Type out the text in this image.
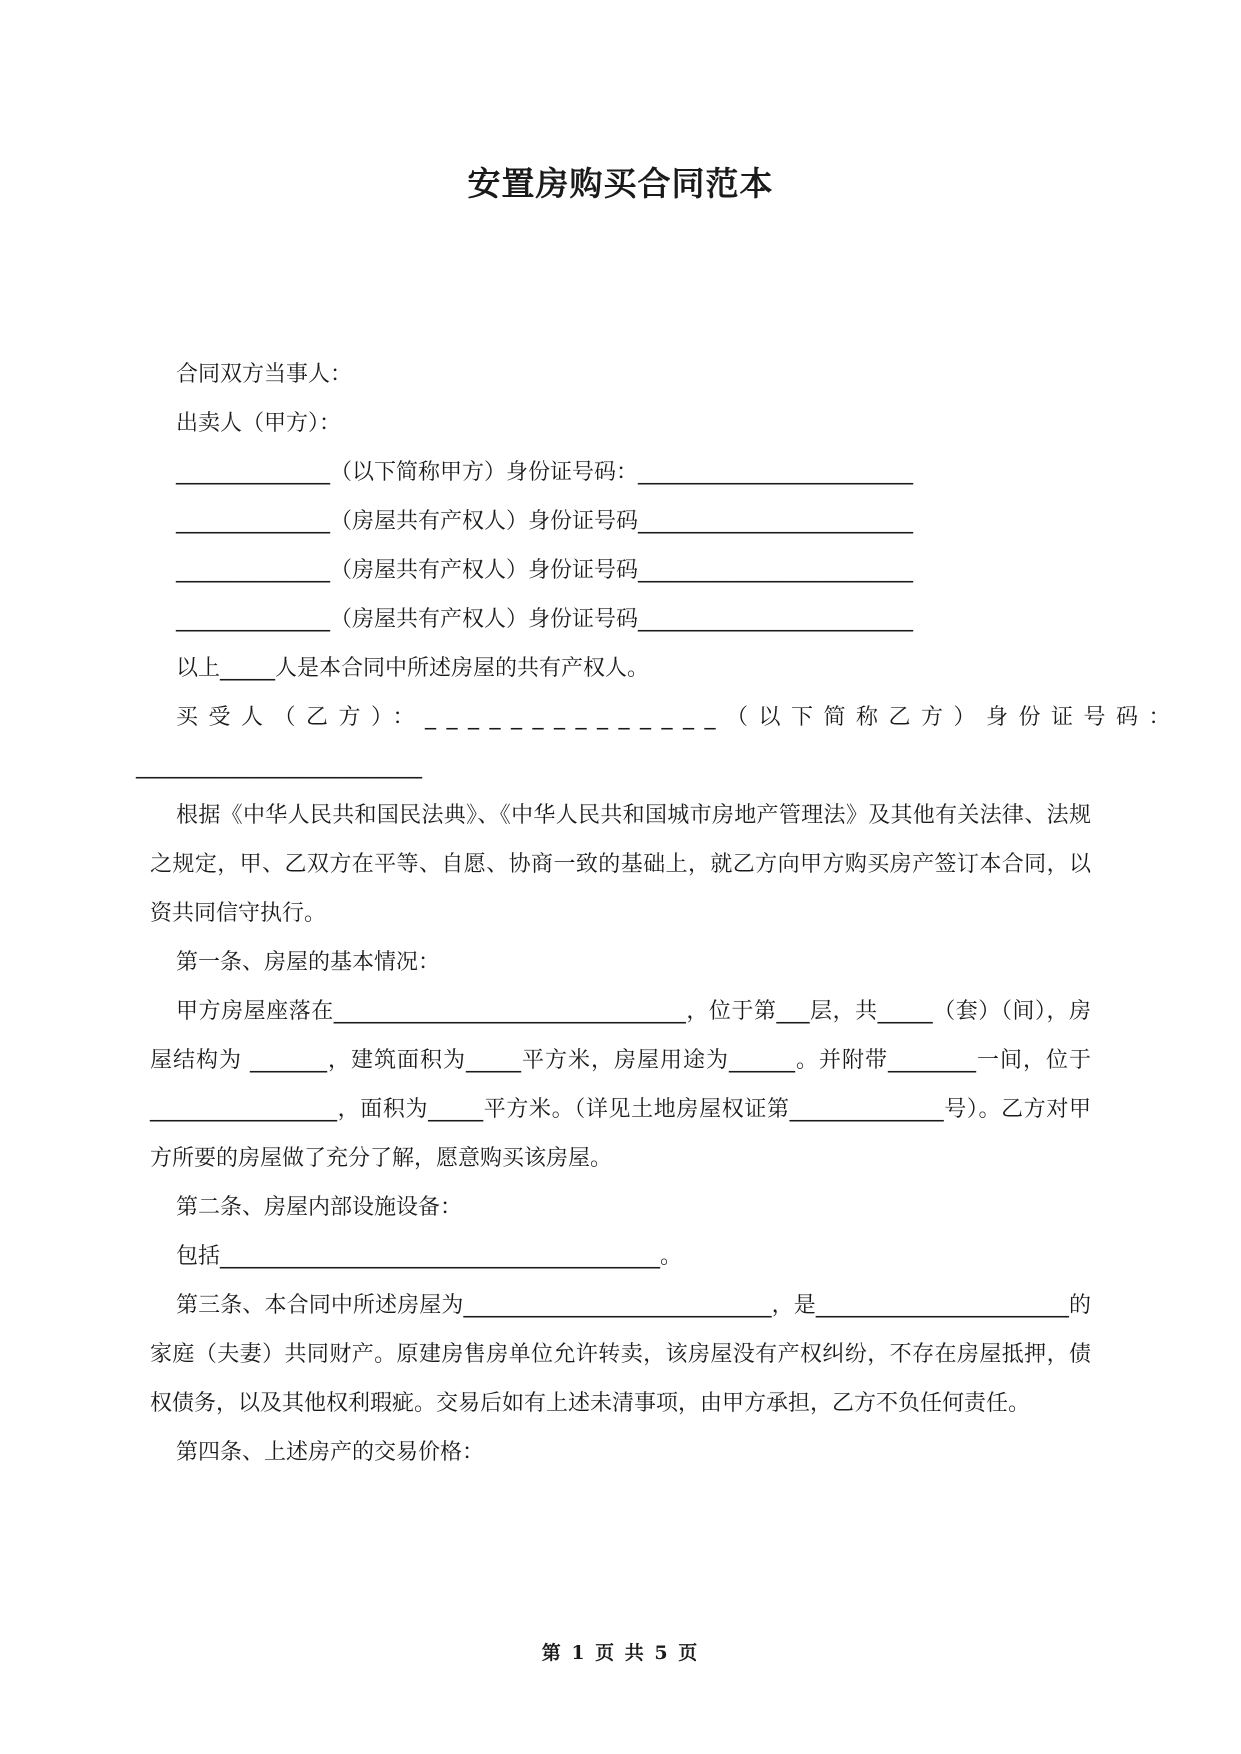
安置房购买合同范本

合同双方当事人：

出卖人（甲方）：

______________（以下简称甲方）身份证号码：_________________________

______________（房屋共有产权人）身份证号码_________________________

______________（房屋共有产权人）身份证号码_________________________

______________（房屋共有产权人）身份证号码_________________________

以上_____人是本合同中所述房屋的共有产权人。

买受人（乙方）：______________（以下简称乙方）身份证号码：

__________________________

根据《中华人民共和国民法典》、《中华人民共和国城市房地产管理法》及其他有关法律、法规之规定，甲、乙双方在平等、自愿、协商一致的基础上，就乙方向甲方购买房产签订本合同，以资共同信守执行。

第一条、房屋的基本情况：

甲方房屋座落在________________________________，位于第___层，共_____（套）（间），房屋结构为 _______，建筑面积为_____平方米，房屋用途为______。并附带________一间，位于 _________________，面积为_____平方米。（详见土地房屋权证第______________号）。乙方对甲方所要的房屋做了充分了解，愿意购买该房屋。

第二条、房屋内部设施设备：

包括________________________________________。

第三条、本合同中所述房屋为____________________________，是_______________________的家庭（夫妻）共同财产。原建房售房单位允许转卖，该房屋没有产权纠纷，不存在房屋抵押，债权债务，以及其他权利瑕疵。交易后如有上述未清事项，由甲方承担，乙方不负任何责任。

第四条、上述房产的交易价格：

第 1 页 共 5 页
